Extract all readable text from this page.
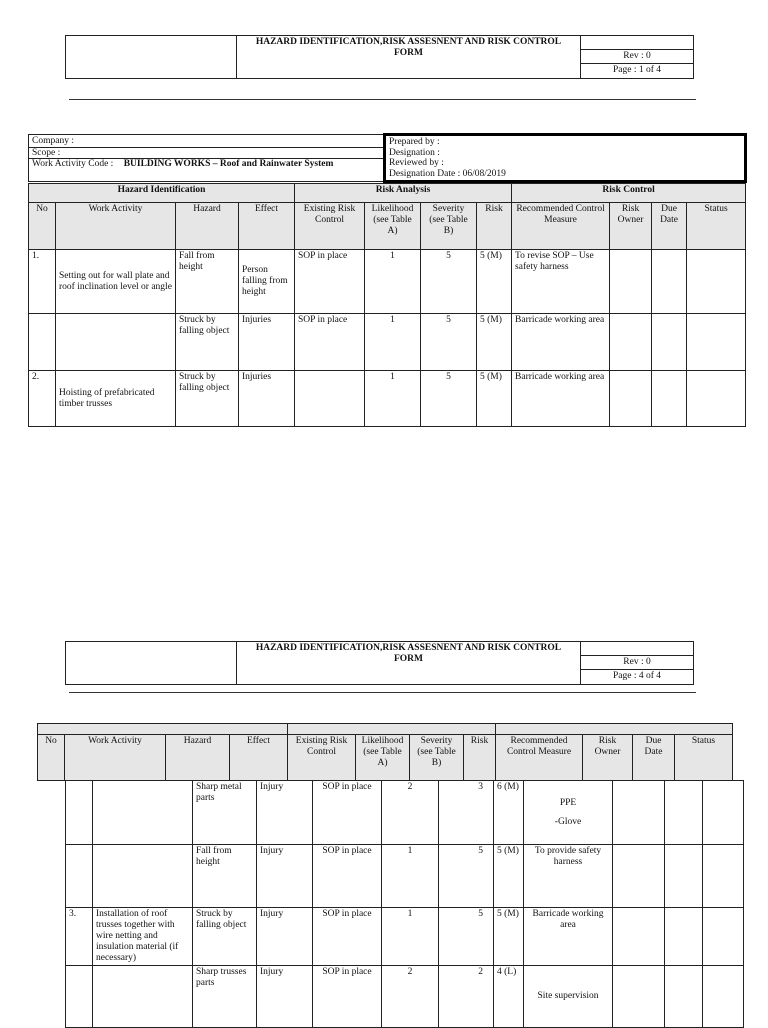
HAZARD IDENTIFICATION,RISK ASSESNENT AND RISK CONTROL
FORM

Rev : 0
Page : 1 of 4
Company :
Scope :
Work Activity Code : BUILDING WORKS – Roof and Rainwater System

Prepared by :
Designation :
Reviewed by :
Designation Date : 06/08/2019
Hazard Identification				Risk Analysis				Risk Control			
No	Work Activity	Hazard	Effect	Existing Risk Control	Likelihood (see Table A)	Severity (see Table B)	Risk	Recommended Control Measure	Risk Owner	Due Date	Status
1.	Setting out for wall plate and roof inclination level or angle	Fall from height	Person falling from height	SOP in place	1	5	5 (M)	To revise SOP – Use safety harness			
		Struck by falling object	Injuries	SOP in place	1	5	5 (M)	Barricade working area			
2.	Hoisting of prefabricated timber trusses	Struck by falling object	Injuries		1	5	5 (M)	Barricade working area			

HAZARD IDENTIFICATION,RISK ASSESNENT AND RISK CONTROL
FORM

Rev : 0
Page : 4 of 4

No	Work Activity	Hazard	Effect	Existing Risk Control	Likelihood (see Table A)	Severity (see Table B)	Risk	Recommended Control Measure	Risk Owner	Due Date	Status
		Sharp metal parts	Injury	SOP in place	2	3	6 (M)	PPE
-Glove			

		Fall from height	Injury	SOP in place	1	5	5 (M)	To provide safety harness			
3.	Installation of roof trusses together with wire netting and insulation material (if necessary)	Struck by falling object	Injury	SOP in place	1	5	5 (M)	Barricade working area			
		Sharp trusses parts	Injury	SOP in place	2	2	4 (L)	Site supervision			
